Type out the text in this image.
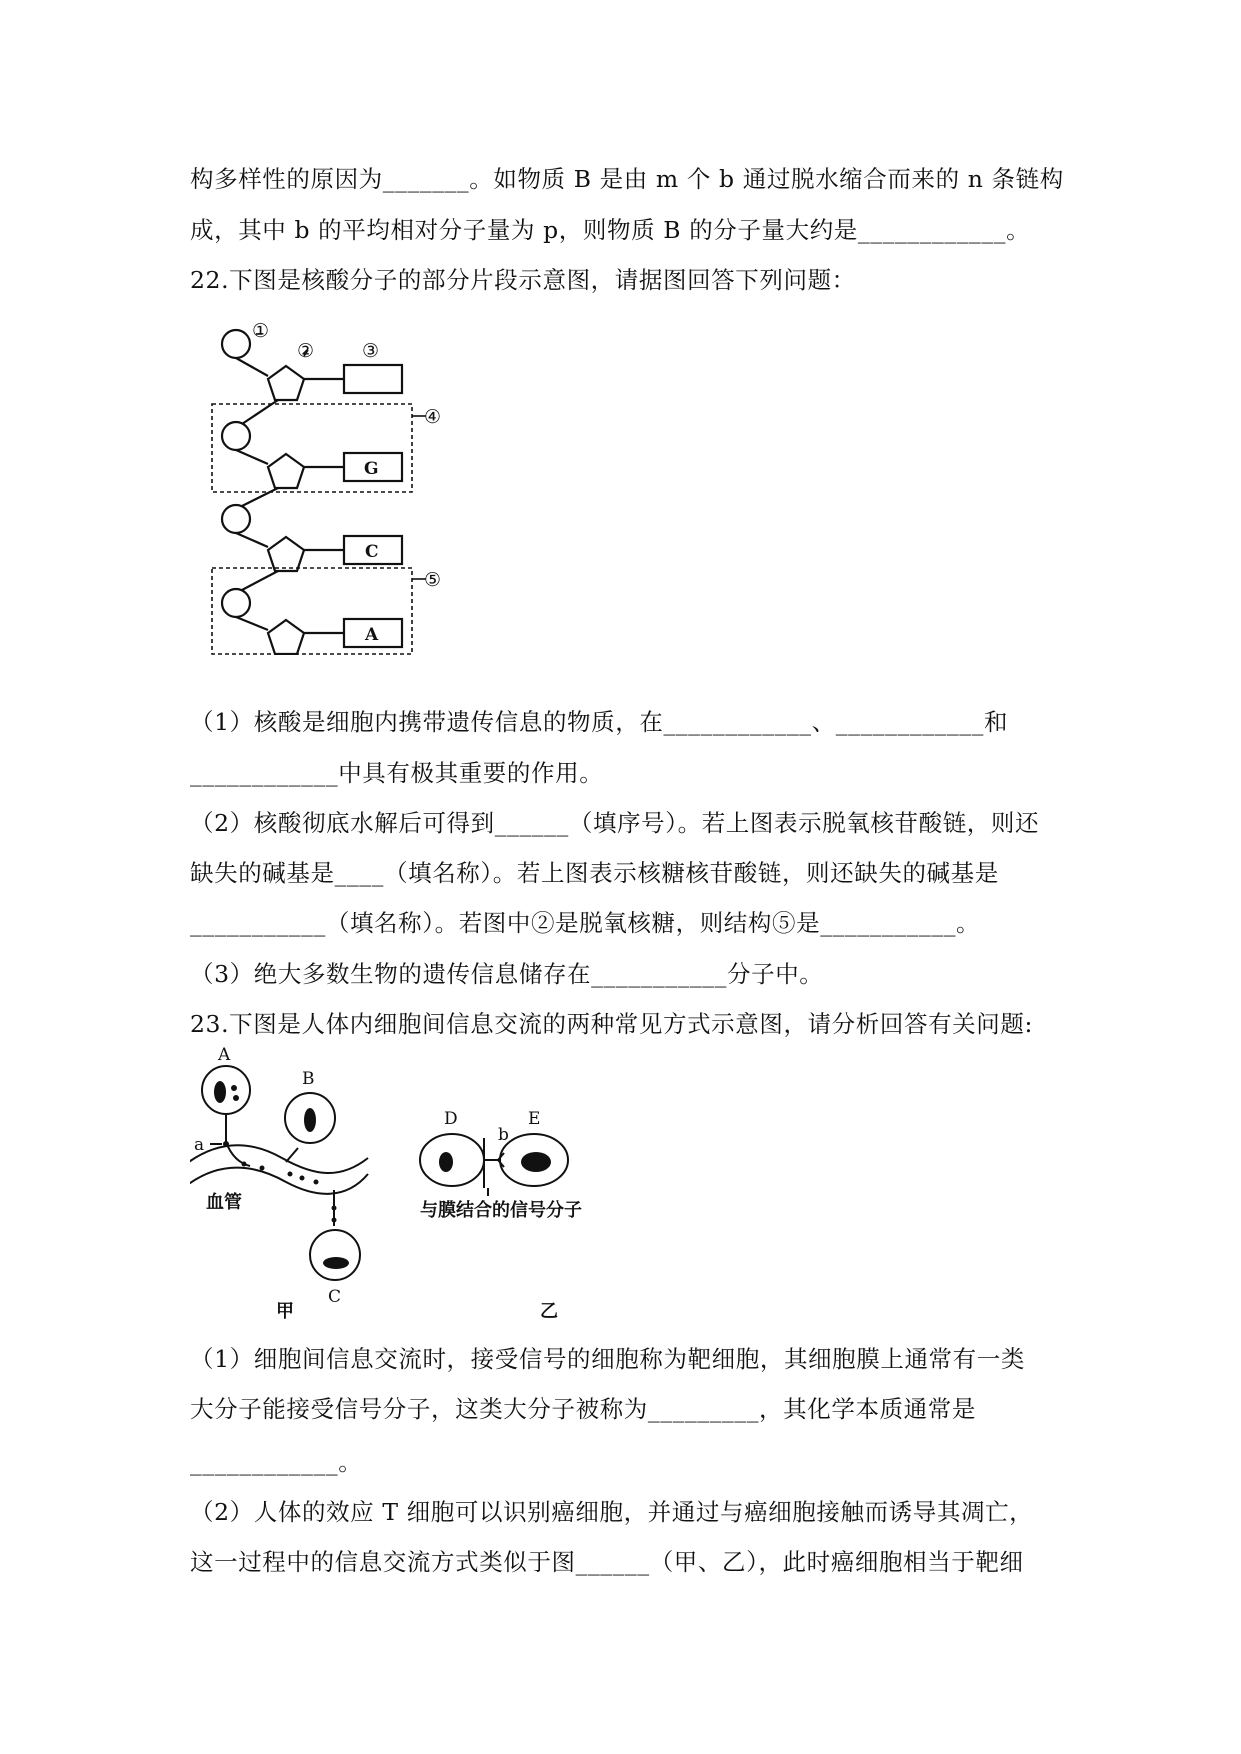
构多样性的原因为_______。如物质 B 是由 m 个 b 通过脱水缩合而来的 n 条链构
成，其中 b 的平均相对分子量为 p，则物质 B 的分子量大约是____________。
22.下图是核酸分子的部分片段示意图，请据图回答下列问题：
①
②	③
④
⑤
G
C
A
（1）核酸是细胞内携带遗传信息的物质，在____________、____________和
____________中具有极其重要的作用。
（2）核酸彻底水解后可得到______（填序号）。若上图表示脱氧核苷酸链，则还
缺失的碱基是____（填名称）。若上图表示核糖核苷酸链，则还缺失的碱基是
___________（填名称）。若图中②是脱氧核糖，则结构⑤是___________。
（3）绝大多数生物的遗传信息储存在___________分子中。
23.下图是人体内细胞间信息交流的两种常见方式示意图，请分析回答有关问题:
A
B
C
a
血管
甲
D	E
b
与膜结合的信号分子
乙
（1）细胞间信息交流时，接受信号的细胞称为靶细胞，其细胞膜上通常有一类
大分子能接受信号分子，这类大分子被称为_________，其化学本质通常是
____________。
（2）人体的效应 T 细胞可以识别癌细胞，并通过与癌细胞接触而诱导其凋亡，
这一过程中的信息交流方式类似于图______（甲、乙），此时癌细胞相当于靶细
